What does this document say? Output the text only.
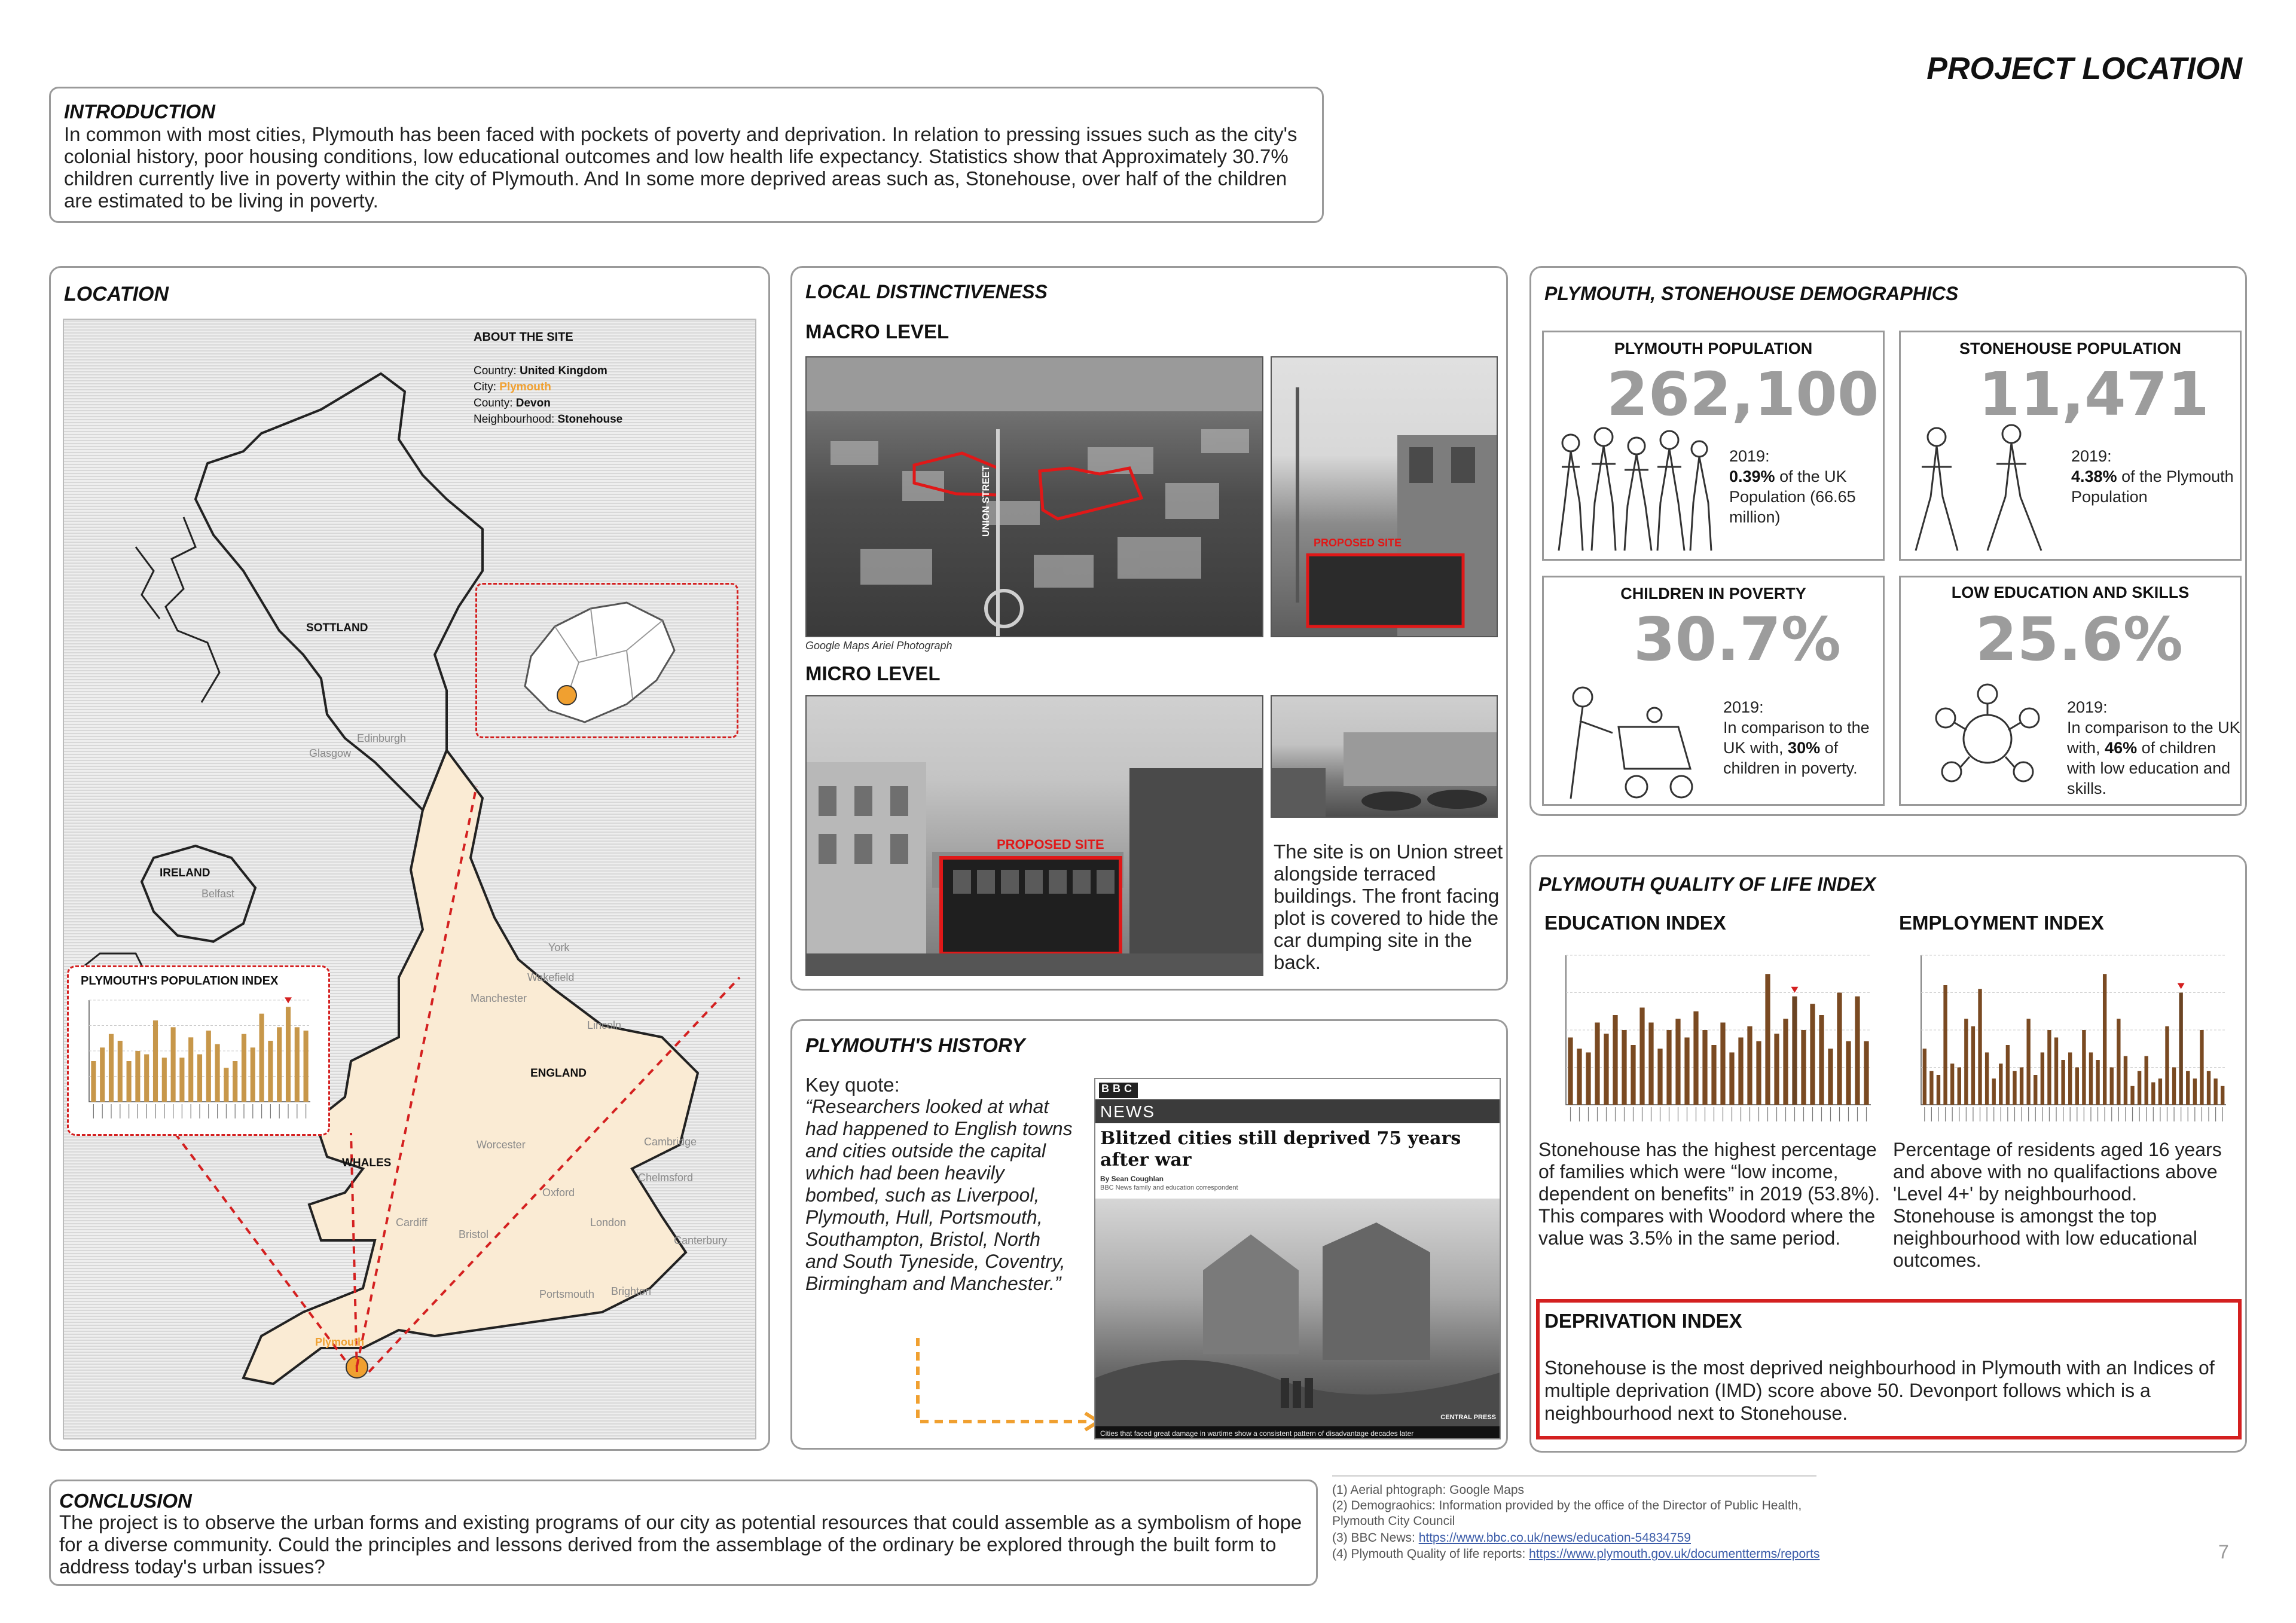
PROJECT LOCATION
INTRODUCTION
In common with most cities, Plymouth has been faced with pockets of poverty and deprivation. In relation to pressing issues such as the city's colonial history, poor housing conditions, low educational outcomes and low health life expectancy. Statistics show that Approximately 30.7% children currently live in poverty within the city of Plymouth. And In some more deprived areas such as, Stonehouse, over half of the children are estimated to be living in poverty.
LOCATION
ABOUT THE SITE
Country: United Kingdom
City: Plymouth
County: Devon
Neighbourhood: Stonehouse
SOTTLAND
IRELAND
ENGLAND
WHALES
Edinburgh
Glasgow
Belfast
York
Wakefield
Manchester
Lincoln
Worcester	Cambridge
Chelmsford
Oxford
London
Cardiff
Bristol	Canterbury
Portsmouth Brighton
Plymouth
PLYMOUTH'S POPULATION INDEX
LOCAL DISTINCTIVENESS
MACRO LEVEL
UNION STREET
Google Maps Ariel Photograph
PROPOSED SITE
MICRO LEVEL
PROPOSED SITE	The site is on Union street alongside terraced buildings. The front facing plot is covered to hide the car dumping site in the back.
PLYMOUTH'S HISTORY
Key quote:
“Researchers looked at what had happened to English towns and cities outside the capital which had been heavily bombed, such as Liverpool, Plymouth, Hull, Portsmouth, Southampton, Bristol, North and South Tyneside, Coventry, Birmingham and Manchester.”
BBC
NEWS
Blitzed cities still deprived 75 years after war
By Sean Coughlan
BBC News family and education correspondent
CENTRAL PRESS
Cities that faced great damage in wartime show a consistent pattern of disadvantage decades later
PLYMOUTH, STONEHOUSE DEMOGRAPHICS
PLYMOUTH POPULATION
262,100
2019:
0.39% of the UK Population (66.65 million)
STONEHOUSE POPULATION
11,471
2019:
4.38% of the Plymouth Population
CHILDREN IN POVERTY
30.7%
2019:
In comparison to the UK with, 30% of children in poverty.
LOW EDUCATION AND SKILLS
25.6%
2019:
In comparison to the UK with, 46% of children with low education and skills.
PLYMOUTH QUALITY OF LIFE INDEX
EDUCATION INDEX	EMPLOYMENT INDEX
Stonehouse has the highest percentage of families which were “low income, dependent on benefits” in 2019 (53.8%). This compares with Woodord where the value was 3.5% in the same period.
Percentage of residents aged 16 years and above with no qualifactions above 'Level 4+' by neighbourhood. Stonehouse is amongst the top neighbourhood with low educational outcomes.
DEPRIVATION INDEX
Stonehouse is the most deprived neighbourhood in Plymouth with an Indices of multiple deprivation (IMD) score above 50. Devonport follows which is a neighbourhood next to Stonehouse.
CONCLUSION
The project is to observe the urban forms and existing programs of our city as potential resources that could assemble as a symbolism of hope for a diverse community. Could the principles and lessons derived from the assemblage of the ordinary be explored through the built form to address today's urban issues?
(1) Aerial phtograph: Google Maps
(2) Demograohics: Information provided by the office of the Director of Public Health, Plymouth City Council
(3) BBC News: https://www.bbc.co.uk/news/education-54834759
(4) Plymouth Quality of life reports: https://www.plymouth.gov.uk/documentterms/reports	7
